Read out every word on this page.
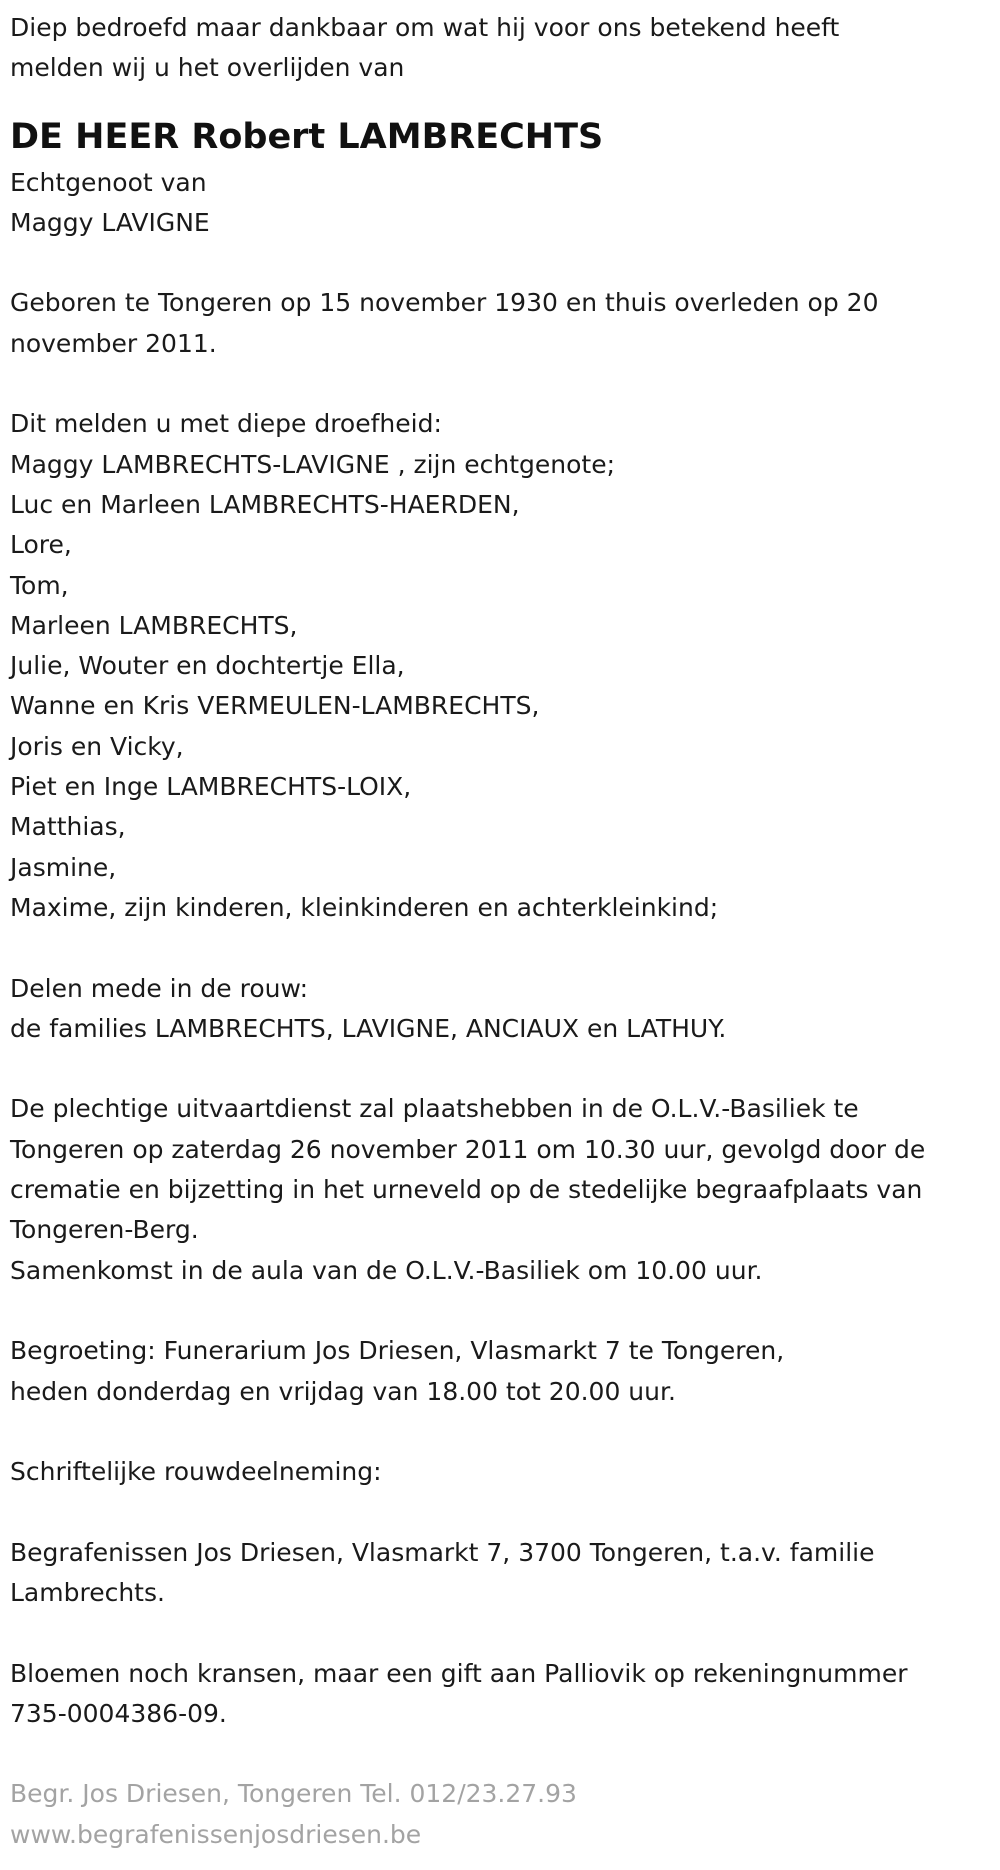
Diep bedroefd maar dankbaar om wat hij voor ons betekend heeft
melden wij u het overlijden van
DE HEER Robert LAMBRECHTS
Echtgenoot van
Maggy LAVIGNE
Geboren te Tongeren op 15 november 1930 en thuis overleden op 20
november 2011.
Dit melden u met diepe droefheid:
Maggy LAMBRECHTS-LAVIGNE , zijn echtgenote;
Luc en Marleen LAMBRECHTS-HAERDEN,
Lore,
Tom,
Marleen LAMBRECHTS,
Julie, Wouter en dochtertje Ella,
Wanne en Kris VERMEULEN-LAMBRECHTS,
Joris en Vicky,
Piet en Inge LAMBRECHTS-LOIX,
Matthias,
Jasmine,
Maxime, zijn kinderen, kleinkinderen en achterkleinkind;
Delen mede in de rouw:
de families LAMBRECHTS, LAVIGNE, ANCIAUX en LATHUY.
De plechtige uitvaartdienst zal plaatshebben in de O.L.V.-Basiliek te
Tongeren op zaterdag 26 november 2011 om 10.30 uur, gevolgd door de
crematie en bijzetting in het urneveld op de stedelijke begraafplaats van
Tongeren-Berg.
Samenkomst in de aula van de O.L.V.-Basiliek om 10.00 uur.
Begroeting: Funerarium Jos Driesen, Vlasmarkt 7 te Tongeren,
heden donderdag en vrijdag van 18.00 tot 20.00 uur.
Schriftelijke rouwdeelneming:
Begrafenissen Jos Driesen, Vlasmarkt 7, 3700 Tongeren, t.a.v. familie
Lambrechts.
Bloemen noch kransen, maar een gift aan Palliovik op rekeningnummer
735-0004386-09.
Begr. Jos Driesen, Tongeren Tel. 012/23.27.93
www.begrafenissenjosdriesen.be
